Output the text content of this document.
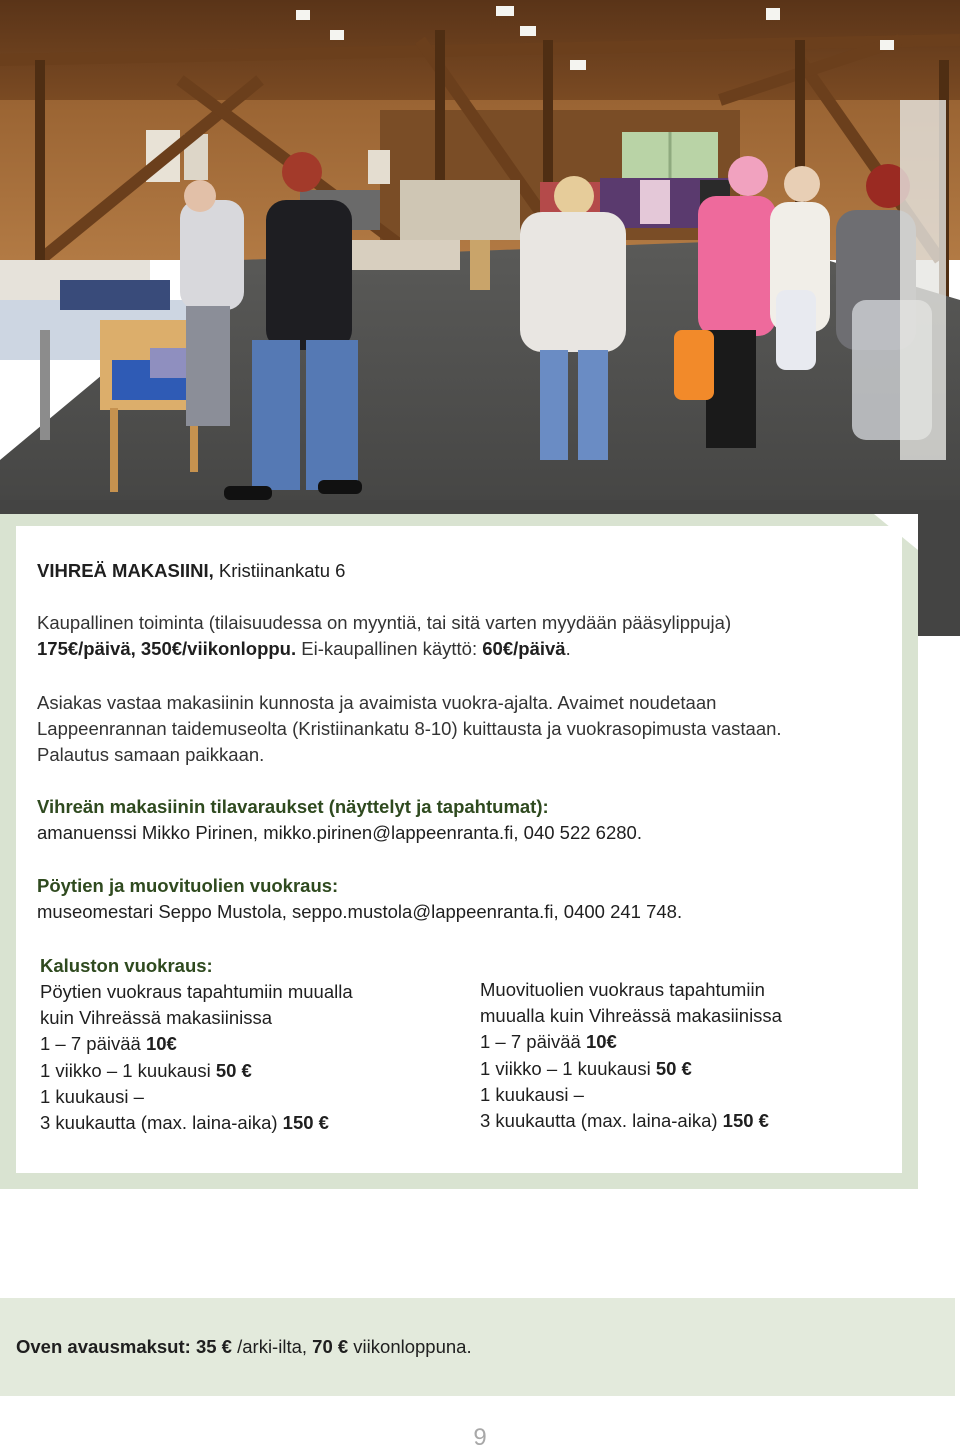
VIHREÄ MAKASIINI, Kristiinankatu 6
Kaupallinen toiminta (tilaisuudessa on myyntiä, tai sitä varten myydään pääsylippuja)
175€/päivä, 350€/viikonloppu. Ei-kaupallinen käyttö: 60€/päivä.
Asiakas vastaa makasiinin kunnosta ja avaimista vuokra-ajalta. Avaimet noudetaan
Lappeenrannan taidemuseolta (Kristiinankatu 8-10) kuittausta ja vuokrasopimusta vastaan.
Palautus samaan paikkaan.
Vihreän makasiinin tilavaraukset (näyttelyt ja tapahtumat):
amanuenssi Mikko Pirinen, mikko.pirinen@lappeenranta.fi, 040 522 6280.
Pöytien ja muovituolien vuokraus:
museomestari Seppo Mustola, seppo.mustola@lappeenranta.fi, 0400 241 748.
Kaluston vuokraus:
Pöytien vuokraus tapahtumiin muualla
kuin Vihreässä makasiinissa
1 – 7 päivää 10€
1 viikko – 1 kuukausi 50 €
1 kuukausi –
3 kuukautta (max. laina-aika) 150 €
Muovituolien vuokraus tapahtumiin
muualla kuin Vihreässä makasiinissa
1 – 7 päivää 10€
1 viikko – 1 kuukausi 50 €
1 kuukausi –
3 kuukautta (max. laina-aika) 150 €
Oven avausmaksut: 35 € /arki-ilta, 70 € viikonloppuna.
9
